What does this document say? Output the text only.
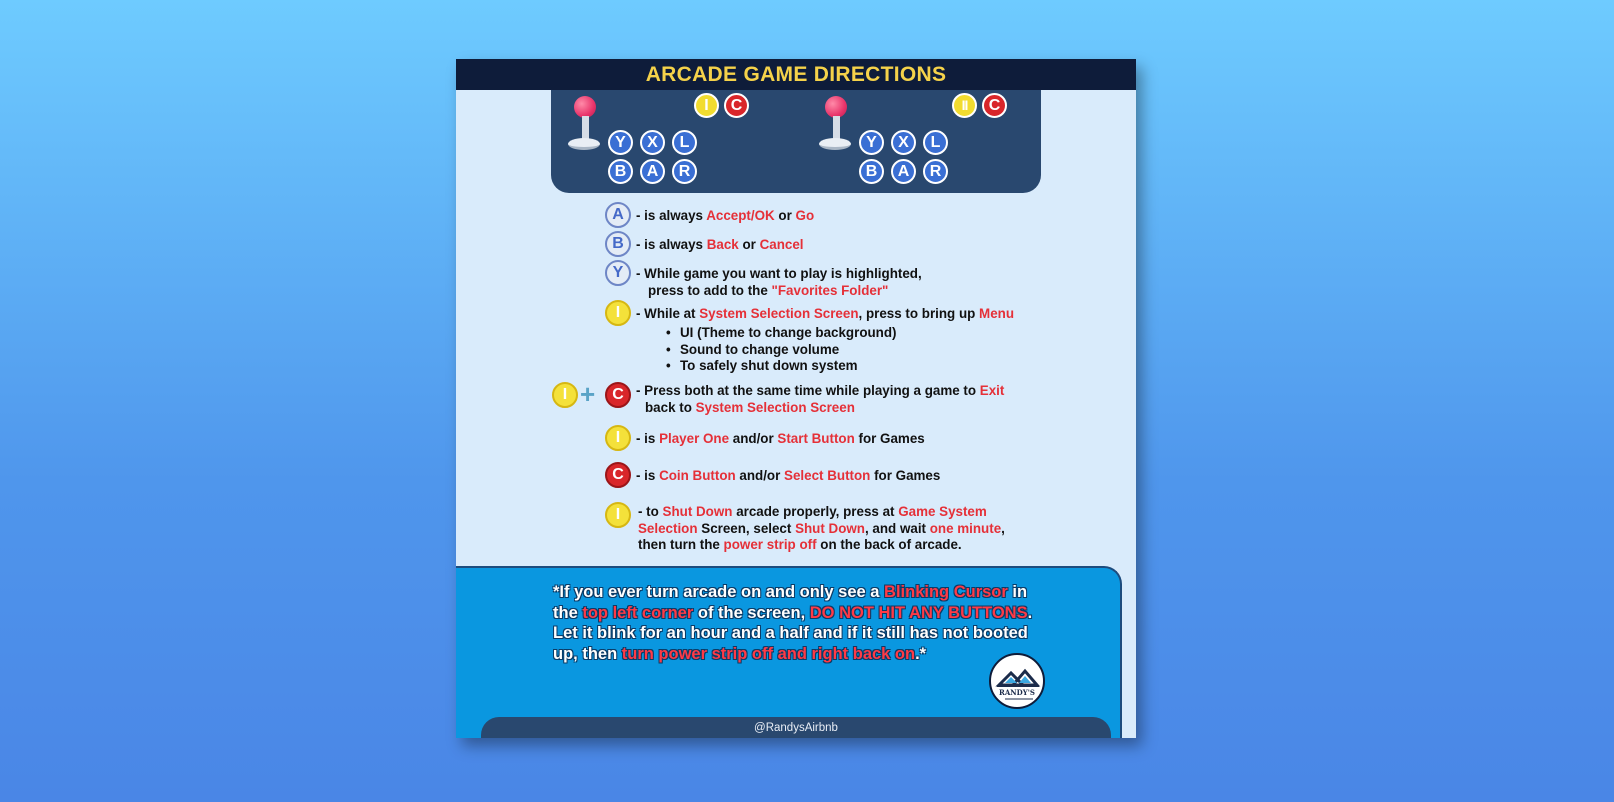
ARCADE GAME DIRECTIONS
I	C
Y	X	L
B	A	R
II	C
Y	X	L
B	A	R
A - is always Accept/OK or Go
B - is always Back or Cancel
Y - While game you want to play is highlighted,
press to add to the "Favorites Folder"
I	- While at System Selection Screen, press to bring up Menu
• UI (Theme to change background)
• Sound to change volume
• To safely shut down system
I +	C - Press both at the same time while playing a game to Exit
back to System Selection Screen
I	- is Player One and/or Start Button for Games
C - is Coin Button and/or Select Button for Games
I	- to Shut Down arcade properly, press at Game System
Selection Screen, select Shut Down, and wait one minute,
then turn the power strip off on the back of arcade.
*If you ever turn arcade on and only see a Blinking Cursor in
the top left corner of the screen, DO NOT HIT ANY BUTTONS.
Let it blink for an hour and a half and if it still has not booted
up, then turn power strip off and right back on.*
RANDY'S
@RandysAirbnb
